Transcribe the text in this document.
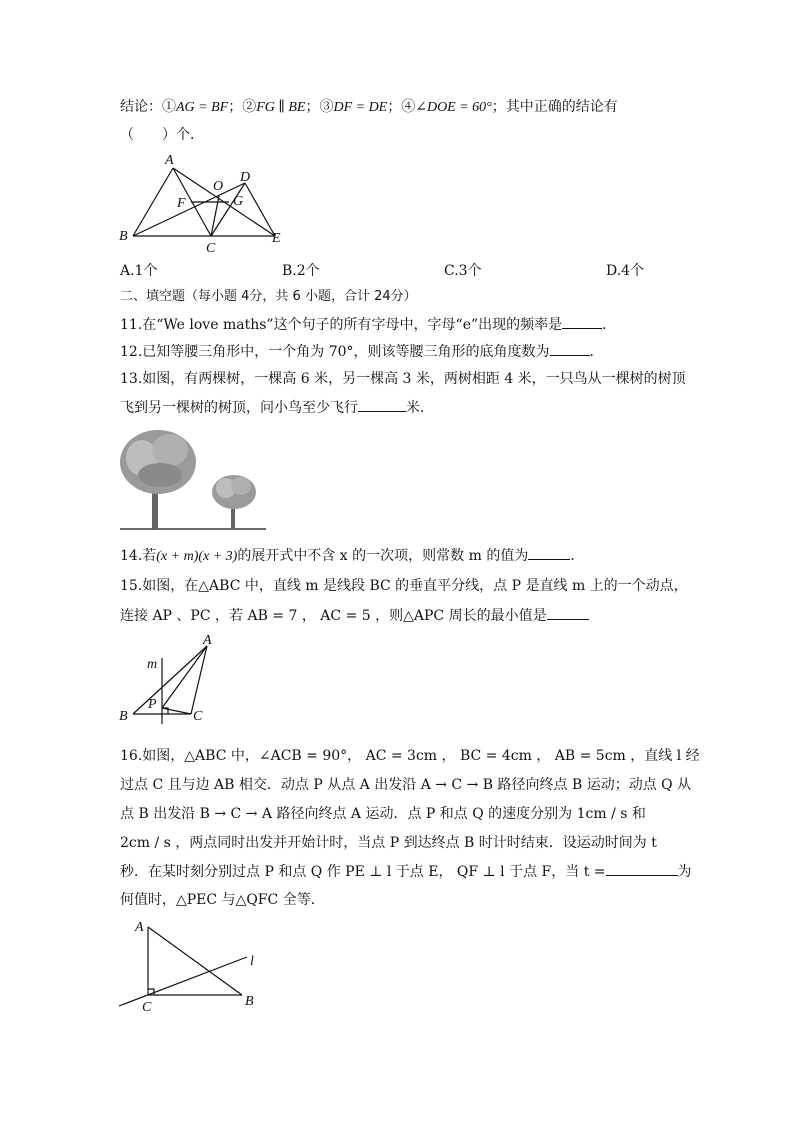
结论：①AG = BF；②FG ∥ BE；③DF = DE；④∠DOE = 60°；其中正确的结论有
（　　）个．
A
B
C
D
E
F	G
O
A.1个	B.2个	C.3个	D.4个
二、填空题（每小题 4分，共 6 小题，合计 24分）
11.在“We love maths”这个句子的所有字母中，字母“e”出现的频率是	．
12.已知等腰三角形中，一个角为 70°，则该等腰三角形的底角度数为	．
13.如图，有两棵树，一棵高 6 米，另一棵高 3 米，两树相距 4 米，一只鸟从一棵树的树顶
飞到另一棵树的树顶，问小鸟至少飞行	米．
14.若(x + m)(x + 3)的展开式中不含 x 的一次项，则常数 m 的值为	．
15.如图，在△ABC 中，直线 m 是线段 BC 的垂直平分线，点 P 是直线 m 上的一个动点，
连接 AP 、PC ，若 AB = 7 ， AC = 5 ，则△APC 周长的最小值是
A
B	C
P
m
16.如图，△ABC 中，∠ACB = 90°， AC = 3cm ， BC = 4cm ， AB = 5cm ，直线 l 经
过点 C 且与边 AB 相交．动点 P 从点 A 出发沿 A → C → B 路径向终点 B 运动；动点 Q 从
点 B 出发沿 B → C → A 路径向终点 A 运动．点 P 和点 Q 的速度分别为 1cm / s 和
2cm / s ，两点同时出发并开始计时，当点 P 到达终点 B 时计时结束．设运动时间为 t
秒．在某时刻分别过点 P 和点 Q 作 PE ⊥ l 于点 E， QF ⊥ l 于点 F，当 t =	为
何值时，△PEC 与△QFC 全等．
A
B
C
l
